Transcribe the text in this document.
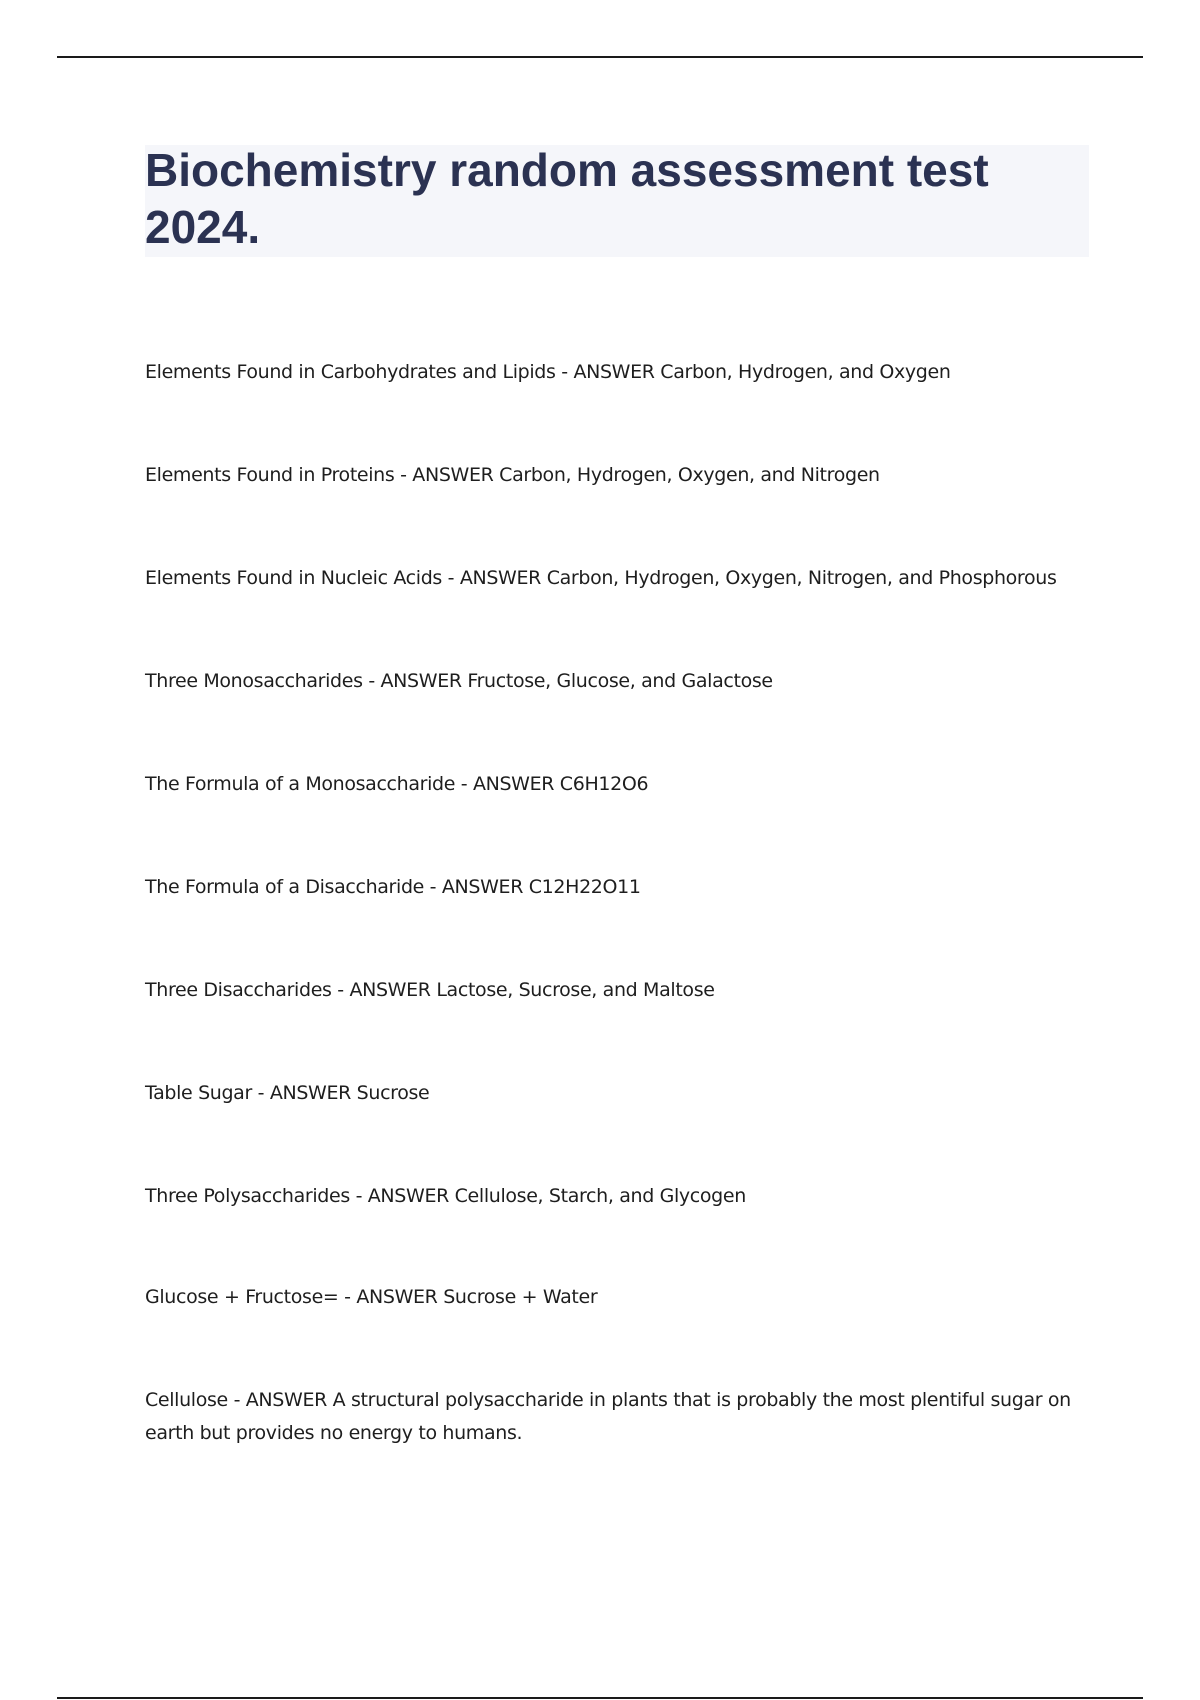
Biochemistry random assessment test 2024.
Elements Found in Carbohydrates and Lipids - ANSWER Carbon, Hydrogen, and Oxygen
Elements Found in Proteins - ANSWER Carbon, Hydrogen, Oxygen, and Nitrogen
Elements Found in Nucleic Acids - ANSWER Carbon, Hydrogen, Oxygen, Nitrogen, and Phosphorous
Three Monosaccharides - ANSWER Fructose, Glucose, and Galactose
The Formula of a Monosaccharide - ANSWER C6H12O6
The Formula of a Disaccharide - ANSWER C12H22O11
Three Disaccharides - ANSWER Lactose, Sucrose, and Maltose
Table Sugar - ANSWER Sucrose
Three Polysaccharides - ANSWER Cellulose, Starch, and Glycogen
Glucose + Fructose= - ANSWER Sucrose + Water
Cellulose - ANSWER A structural polysaccharide in plants that is probably the most plentiful sugar on earth but provides no energy to humans.
